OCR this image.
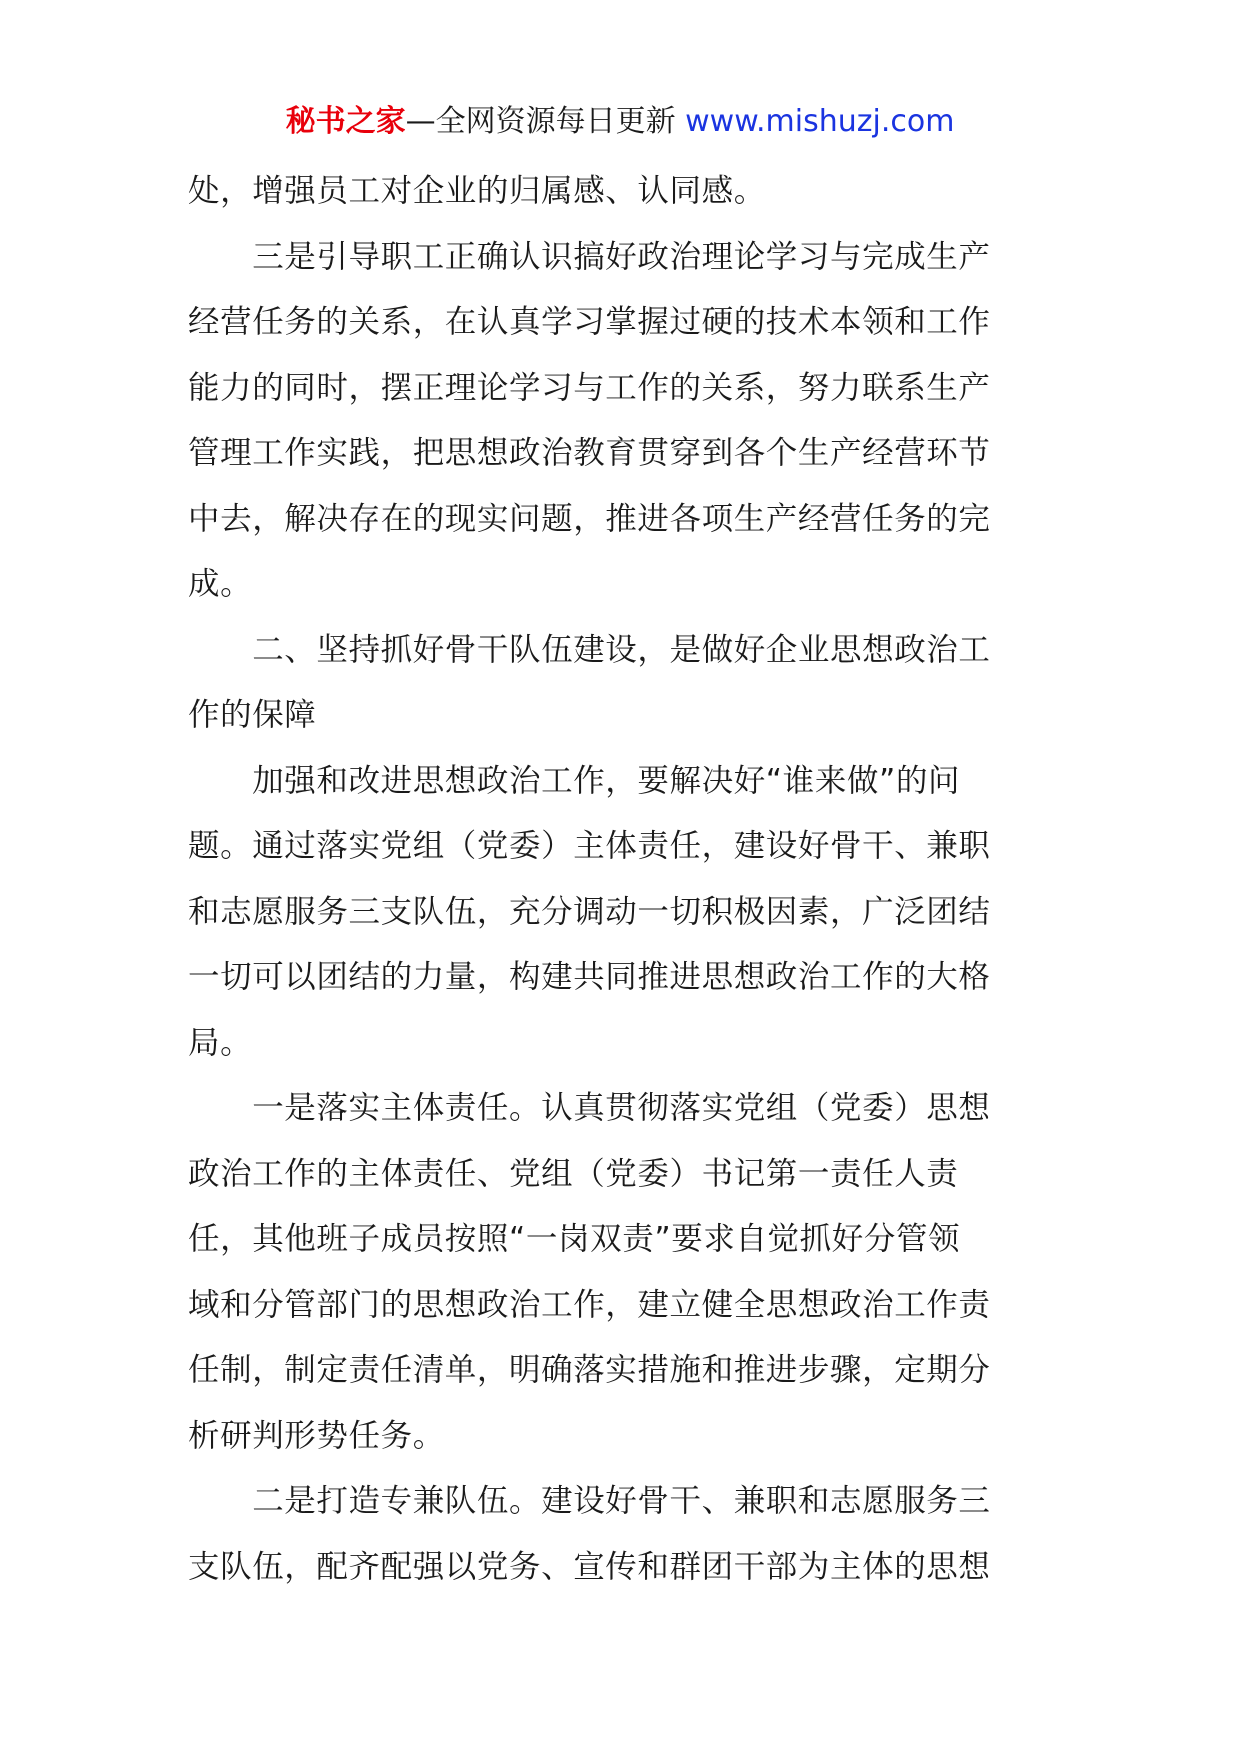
秘书之家—全网资源每日更新 www.mishuzj.com
处，增强员工对企业的归属感、认同感。
　　三是引导职工正确认识搞好政治理论学习与完成生产
经营任务的关系，在认真学习掌握过硬的技术本领和工作
能力的同时，摆正理论学习与工作的关系，努力联系生产
管理工作实践，把思想政治教育贯穿到各个生产经营环节
中去，解决存在的现实问题，推进各项生产经营任务的完
成。
　　二、坚持抓好骨干队伍建设，是做好企业思想政治工
作的保障
　　加强和改进思想政治工作，要解决好“谁来做”的问
题。通过落实党组（党委）主体责任，建设好骨干、兼职
和志愿服务三支队伍，充分调动一切积极因素，广泛团结
一切可以团结的力量，构建共同推进思想政治工作的大格
局。
　　一是落实主体责任。认真贯彻落实党组（党委）思想
政治工作的主体责任、党组（党委）书记第一责任人责
任，其他班子成员按照“一岗双责”要求自觉抓好分管领
域和分管部门的思想政治工作，建立健全思想政治工作责
任制，制定责任清单，明确落实措施和推进步骤，定期分
析研判形势任务。
　　二是打造专兼队伍。建设好骨干、兼职和志愿服务三
支队伍，配齐配强以党务、宣传和群团干部为主体的思想
